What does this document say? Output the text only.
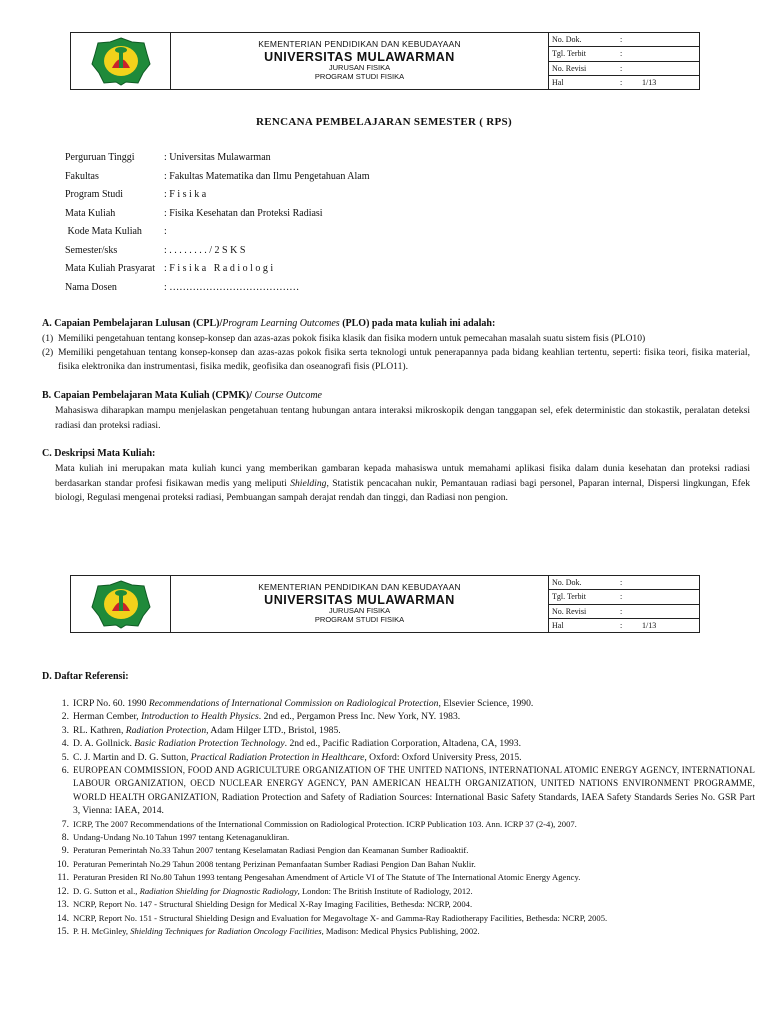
KEMENTERIAN PENDIDIKAN DAN KEBUDAYAAN
UNIVERSITAS MULAWARMAN
JURUSAN FISIKA
PROGRAM STUDI FISIKA
No. Dok.	:
Tgl. Terbit	:
No. Revisi	:
Hal	:	1/13
RENCANA PEMBELAJARAN SEMESTER ( RPS)
Perguruan Tinggi	: Universitas Mulawarman
Fakultas	: Fakultas Matematika dan Ilmu Pengetahuan Alam
Program Studi	: F i s i k a
Mata Kuliah	: Fisika Kesehatan dan Proteksi Radiasi
Kode Mata Kuliah	:
Semester/sks	: . . . . . . . . / 2 S K S
Mata Kuliah Prasyarat : F i s i k a   R a d i o l o g i
Nama Dosen	: …………………………………
A. Capaian Pembelajaran Lulusan (CPL)/Program Learning Outcomes (PLO) pada mata kuliah ini adalah:
(1) Memiliki pengetahuan tentang konsep-konsep dan azas-azas pokok fisika klasik dan fisika modern untuk pemecahan masalah suatu sistem fisis (PLO10)
(2) Memiliki pengetahuan tentang konsep-konsep dan azas-azas pokok fisika serta teknologi untuk penerapannya pada bidang keahlian tertentu, seperti: fisika teori, fisika material, fisika elektronika dan instrumentasi, fisika medik, geofisika dan oseanografi fisis (PLO11).
B. Capaian Pembelajaran Mata Kuliah (CPMK)/ Course Outcome
Mahasiswa diharapkan mampu menjelaskan pengetahuan tentang hubungan antara interaksi mikroskopik dengan tanggapan sel, efek deterministic dan stokastik, peralatan deteksi radiasi dan proteksi radiasi.
C. Deskripsi Mata Kuliah:
Mata kuliah ini merupakan mata kuliah kunci yang memberikan gambaran kepada mahasiswa untuk memahami aplikasi fisika dalam dunia kesehatan dan proteksi radiasi berdasarkan standar profesi fisikawan medis yang meliputi Shielding, Statistik pencacahan nukir, Pemantauan radiasi bagi personel, Paparan internal, Dispersi lingkungan, Efek biologi, Regulasi mengenai proteksi radiasi, Pembuangan sampah derajat rendah dan tinggi, dan Radiasi non pengion.
KEMENTERIAN PENDIDIKAN DAN KEBUDAYAAN
UNIVERSITAS MULAWARMAN
JURUSAN FISIKA
PROGRAM STUDI FISIKA
No. Dok.	:
Tgl. Terbit	:
No. Revisi	:
Hal	:	1/13
D. Daftar Referensi:
1. ICRP No. 60. 1990 Recommendations of International Commission on Radiological Protection, Elsevier Science, 1990.
2. Herman Cember, Introduction to Health Physics. 2nd ed., Pergamon Press Inc. New York, NY. 1983.
3. RL. Kathren, Radiation Protection, Adam Hilger LTD., Bristol, 1985.
4. D. A. Gollnick. Basic Radiation Protection Technology. 2nd ed., Pacific Radiation Corporation, Altadena, CA, 1993.
5. C. J. Martin and D. G. Sutton, Practical Radiation Protection in Healthcare, Oxford: Oxford University Press, 2015.
6. EUROPEAN COMMISSION, FOOD AND AGRICULTURE ORGANIZATION OF THE UNITED NATIONS, INTERNATIONAL ATOMIC ENERGY AGENCY, INTERNATIONAL LABOUR ORGANIZATION, OECD NUCLEAR ENERGY AGENCY, PAN AMERICAN HEALTH ORGANIZATION, UNITED NATIONS ENVIRONMENT PROGRAMME, WORLD HEALTH ORGANIZATION, Radiation Protection and Safety of Radiation Sources: International Basic Safety Standards, IAEA Safety Standards Series No. GSR Part 3, Vienna: IAEA, 2014.
7. ICRP, The 2007 Recommendations of the International Commission on Radiological Protection. ICRP Publication 103. Ann. ICRP 37 (2-4), 2007.
8. Undang-Undang No.10 Tahun 1997 tentang Ketenaganukliran.
9. Peraturan Pemerintah No.33 Tahun 2007 tentang Keselamatan Radiasi Pengion dan Keamanan Sumber Radioaktif.
10. Peraturan Pemerintah No.29 Tahun 2008 tentang Perizinan Pemanfaatan Sumber Radiasi Pengion Dan Bahan Nuklir.
11. Peraturan Presiden RI No.80 Tahun 1993 tentang Pengesahan Amendment of Article VI of The Statute of The International Atomic Energy Agency.
12. D. G. Sutton et al., Radiation Shielding for Diagnostic Radiology, London: The British Institute of Radiology, 2012.
13. NCRP, Report No. 147 - Structural Shielding Design for Medical X-Ray Imaging Facilities, Bethesda: NCRP, 2004.
14. NCRP, Report No. 151 - Structural Shielding Design and Evaluation for Megavoltage X- and Gamma-Ray Radiotherapy Facilities, Bethesda: NCRP, 2005.
15. P. H. McGinley, Shielding Techniques for Radiation Oncology Facilities, Madison: Medical Physics Publishing, 2002.
